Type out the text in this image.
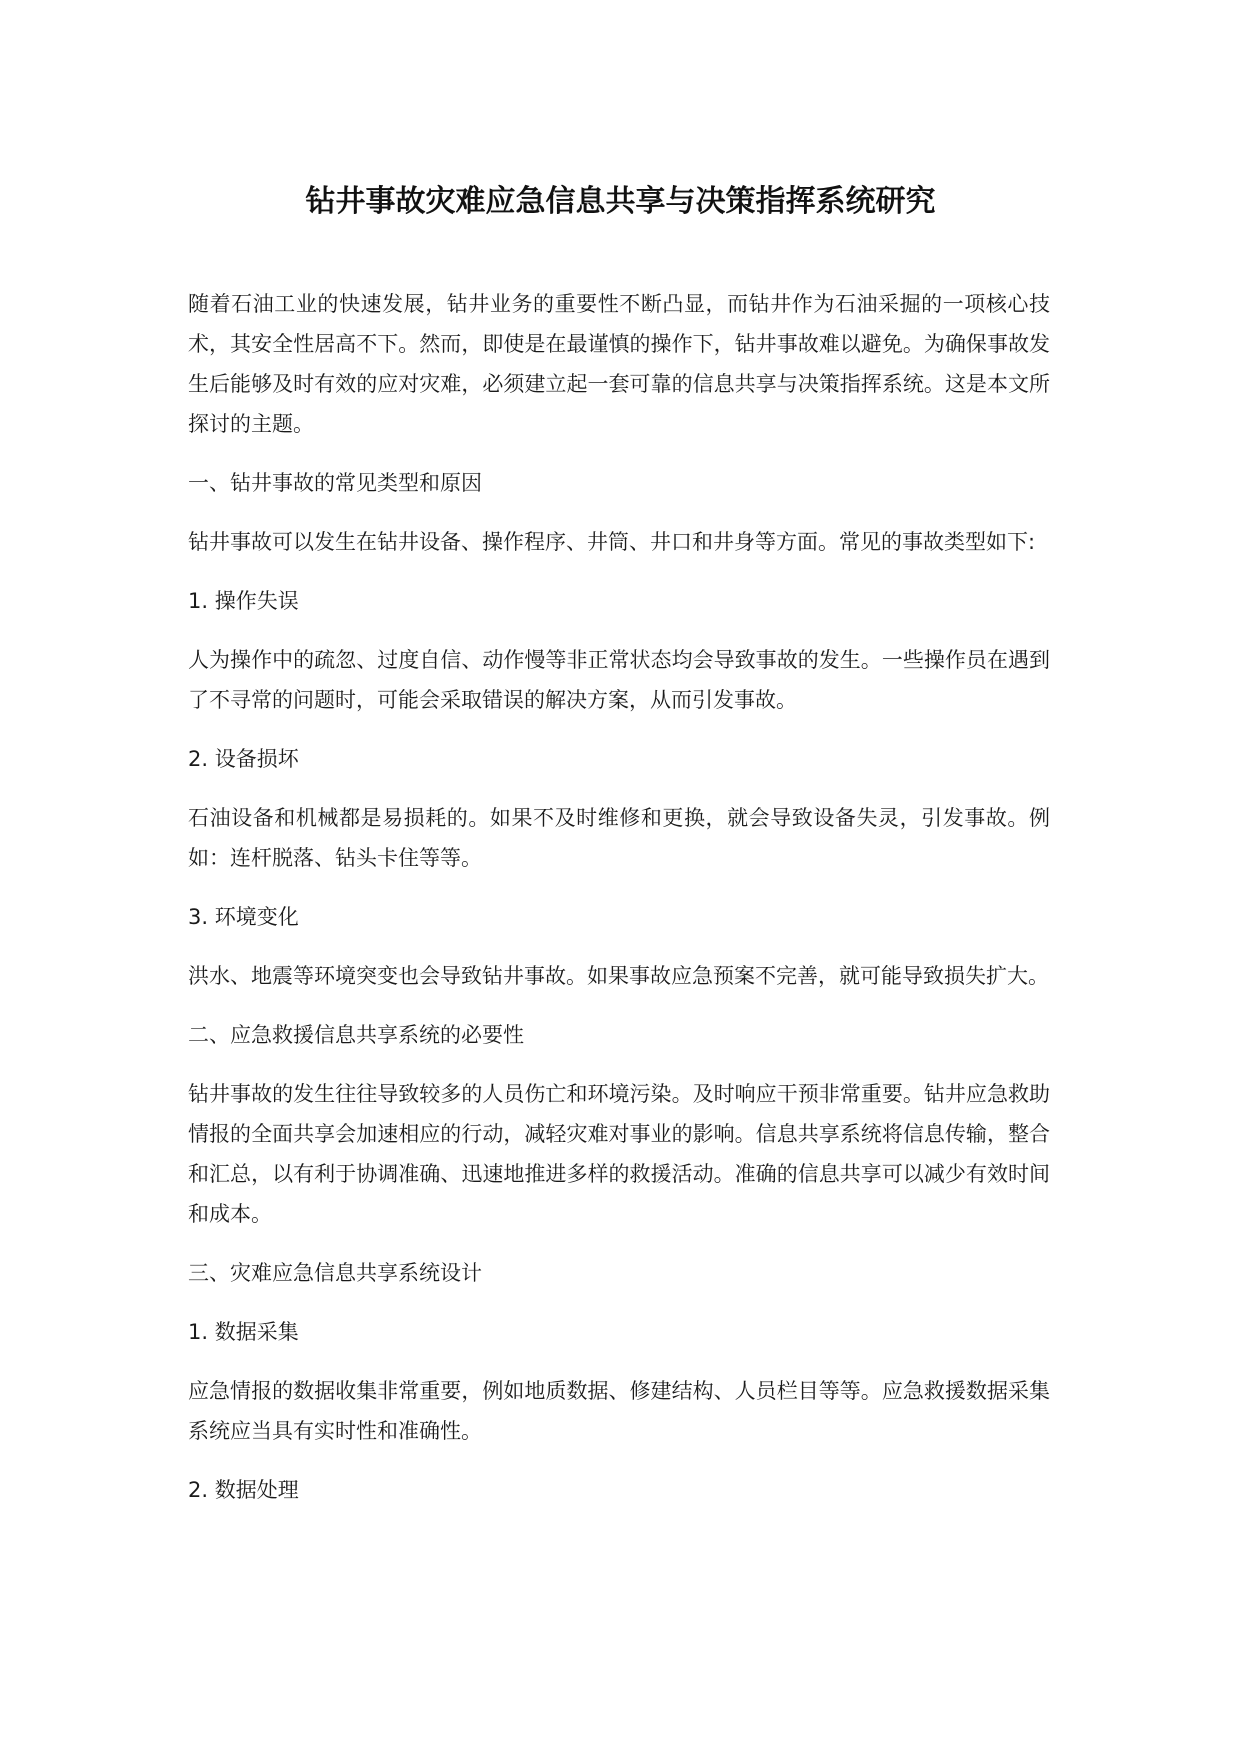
钻井事故灾难应急信息共享与决策指挥系统研究

随着石油工业的快速发展，钻井业务的重要性不断凸显，而钻井作为石油采掘的一项核心技术，其安全性居高不下。然而，即使是在最谨慎的操作下，钻井事故难以避免。为确保事故发生后能够及时有效的应对灾难，必须建立起一套可靠的信息共享与决策指挥系统。这是本文所探讨的主题。

一、钻井事故的常见类型和原因

钻井事故可以发生在钻井设备、操作程序、井筒、井口和井身等方面。常见的事故类型如下:

1. 操作失误

人为操作中的疏忽、过度自信、动作慢等非正常状态均会导致事故的发生。一些操作员在遇到了不寻常的问题时，可能会采取错误的解决方案，从而引发事故。

2. 设备损坏

石油设备和机械都是易损耗的。如果不及时维修和更换，就会导致设备失灵，引发事故。例如：连杆脱落、钻头卡住等等。

3. 环境变化

洪水、地震等环境突变也会导致钻井事故。如果事故应急预案不完善，就可能导致损失扩大。

二、应急救援信息共享系统的必要性

钻井事故的发生往往导致较多的人员伤亡和环境污染。及时响应干预非常重要。钻井应急救助情报的全面共享会加速相应的行动，减轻灾难对事业的影响。信息共享系统将信息传输，整合和汇总，以有利于协调准确、迅速地推进多样的救援活动。准确的信息共享可以减少有效时间和成本。

三、灾难应急信息共享系统设计

1. 数据采集

应急情报的数据收集非常重要，例如地质数据、修建结构、人员栏目等等。应急救援数据采集系统应当具有实时性和准确性。

2. 数据处理
